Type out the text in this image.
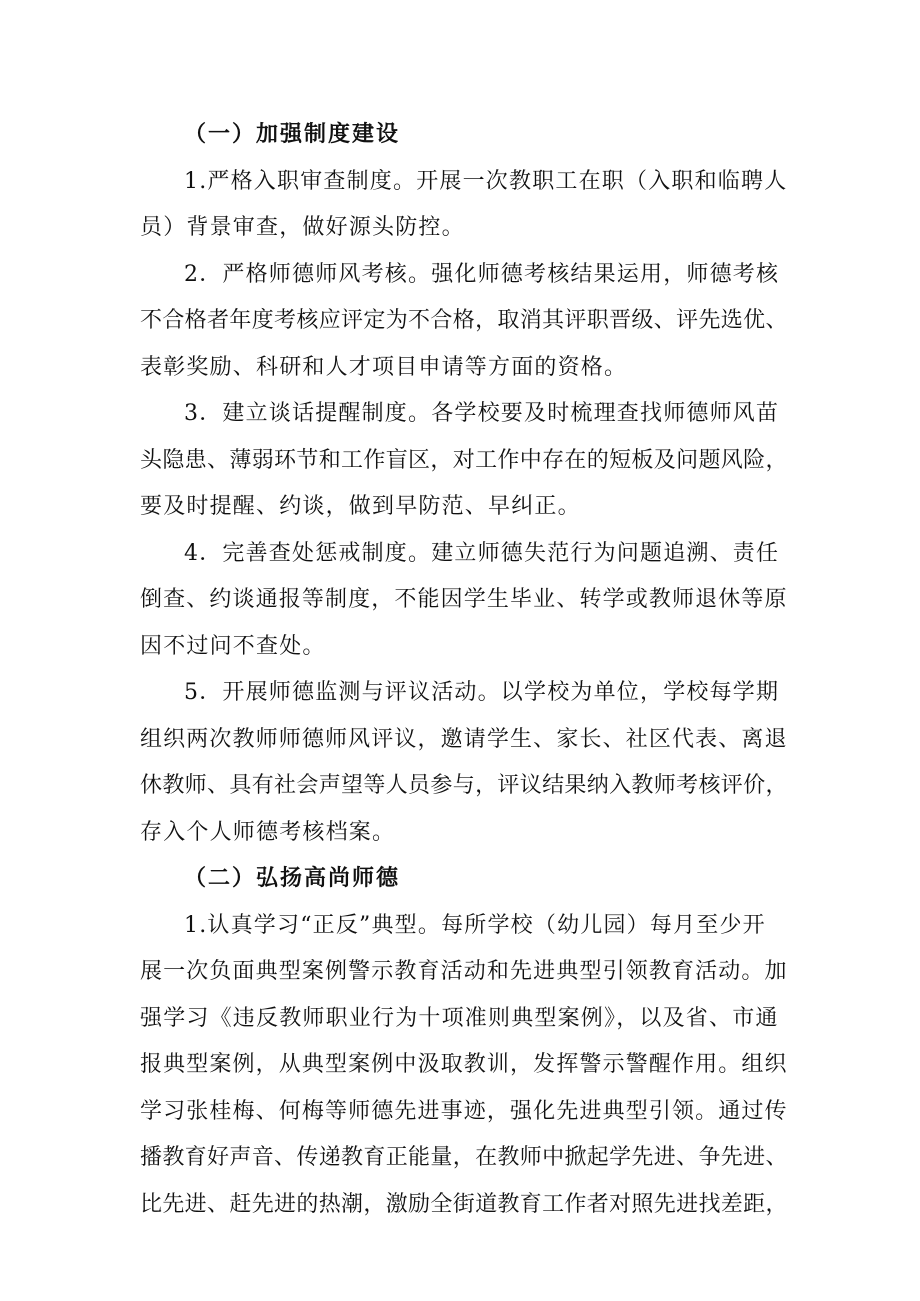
（一）加强制度建设
1.严格入职审查制度。开展一次教职工在职（入职和临聘人
员）背景审查，做好源头防控。
2．严格师德师风考核。强化师德考核结果运用，师德考核
不合格者年度考核应评定为不合格，取消其评职晋级、评先选优、
表彰奖励、科研和人才项目申请等方面的资格。
3．建立谈话提醒制度。各学校要及时梳理查找师德师风苗
头隐患、薄弱环节和工作盲区，对工作中存在的短板及问题风险，
要及时提醒、约谈，做到早防范、早纠正。
4．完善查处惩戒制度。建立师德失范行为问题追溯、责任
倒查、约谈通报等制度，不能因学生毕业、转学或教师退休等原
因不过问不查处。
5．开展师德监测与评议活动。以学校为单位，学校每学期
组织两次教师师德师风评议，邀请学生、家长、社区代表、离退
休教师、具有社会声望等人员参与，评议结果纳入教师考核评价，
存入个人师德考核档案。
（二）弘扬高尚师德
1.认真学习“正反”典型。每所学校（幼儿园）每月至少开
展一次负面典型案例警示教育活动和先进典型引领教育活动。加
强学习《违反教师职业行为十项准则典型案例》，以及省、市通
报典型案例，从典型案例中汲取教训，发挥警示警醒作用。组织
学习张桂梅、何梅等师德先进事迹，强化先进典型引领。通过传
播教育好声音、传递教育正能量，在教师中掀起学先进、争先进、
比先进、赶先进的热潮，激励全街道教育工作者对照先进找差距，
